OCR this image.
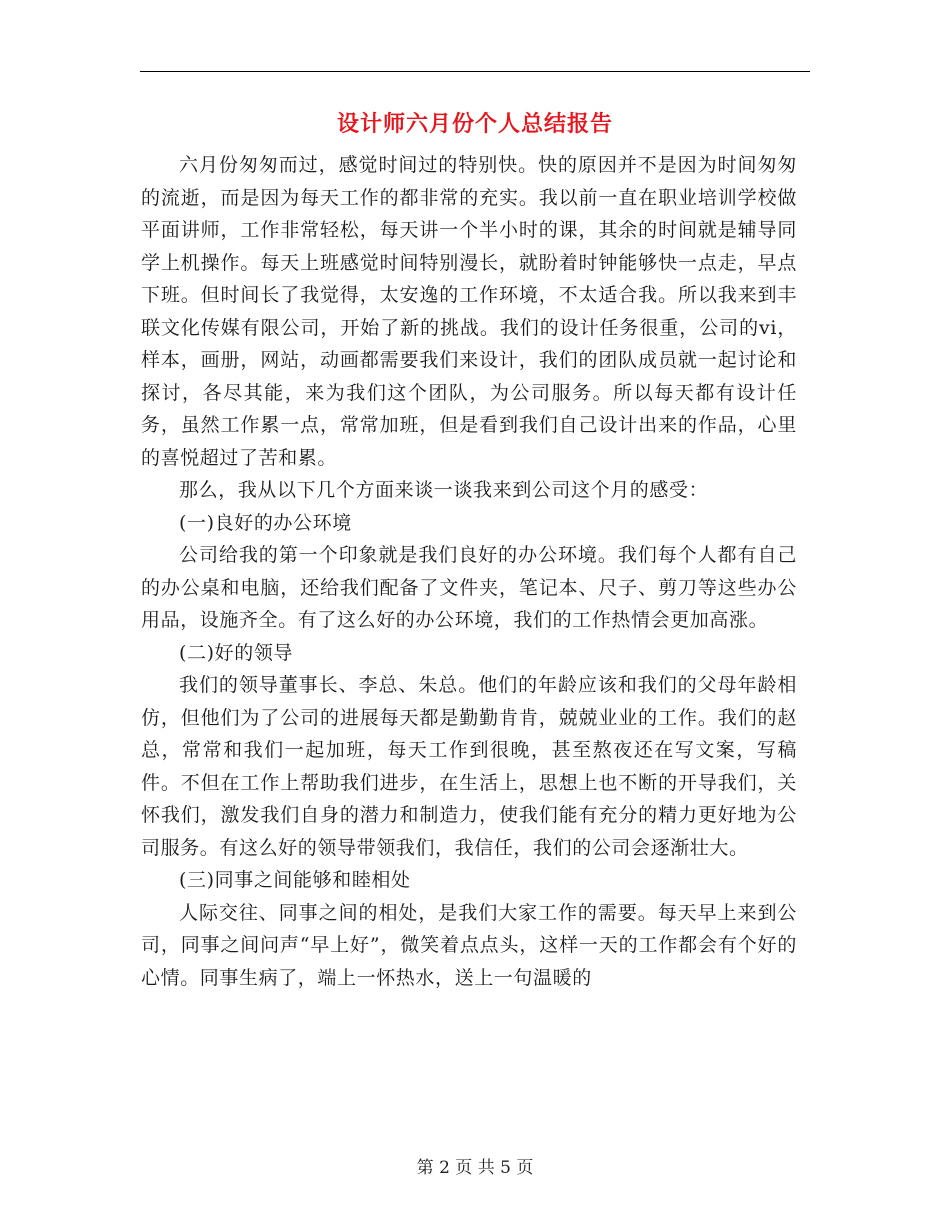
设计师六月份个人总结报告

六月份匆匆而过，感觉时间过的特别快。快的原因并不是因为时间匆匆的流逝，而是因为每天工作的都非常的充实。我以前一直在职业培训学校做平面讲师，工作非常轻松，每天讲一个半小时的课，其余的时间就是辅导同学上机操作。每天上班感觉时间特别漫长，就盼着时钟能够快一点走，早点下班。但时间长了我觉得，太安逸的工作环境，不太适合我。所以我来到丰联文化传媒有限公司，开始了新的挑战。我们的设计任务很重，公司的vi，样本，画册，网站，动画都需要我们来设计，我们的团队成员就一起讨论和探讨，各尽其能，来为我们这个团队，为公司服务。所以每天都有设计任务，虽然工作累一点，常常加班，但是看到我们自己设计出来的作品，心里的喜悦超过了苦和累。

那么，我从以下几个方面来谈一谈我来到公司这个月的感受：

(一)良好的办公环境

公司给我的第一个印象就是我们良好的办公环境。我们每个人都有自己的办公桌和电脑，还给我们配备了文件夹，笔记本、尺子、剪刀等这些办公用品，设施齐全。有了这么好的办公环境，我们的工作热情会更加高涨。

(二)好的领导

我们的领导董事长、李总、朱总。他们的年龄应该和我们的父母年龄相仿，但他们为了公司的进展每天都是勤勤肯肯，兢兢业业的工作。我们的赵总，常常和我们一起加班，每天工作到很晚，甚至熬夜还在写文案，写稿件。不但在工作上帮助我们进步，在生活上，思想上也不断的开导我们，关怀我们，激发我们自身的潜力和制造力，使我们能有充分的精力更好地为公司服务。有这么好的领导带领我们，我信任，我们的公司会逐渐壮大。

(三)同事之间能够和睦相处

人际交往、同事之间的相处，是我们大家工作的需要。每天早上来到公司，同事之间问声“早上好”，微笑着点点头，这样一天的工作都会有个好的心情。同事生病了，端上一怀热水，送上一句温暖的

第 2 页 共 5 页
